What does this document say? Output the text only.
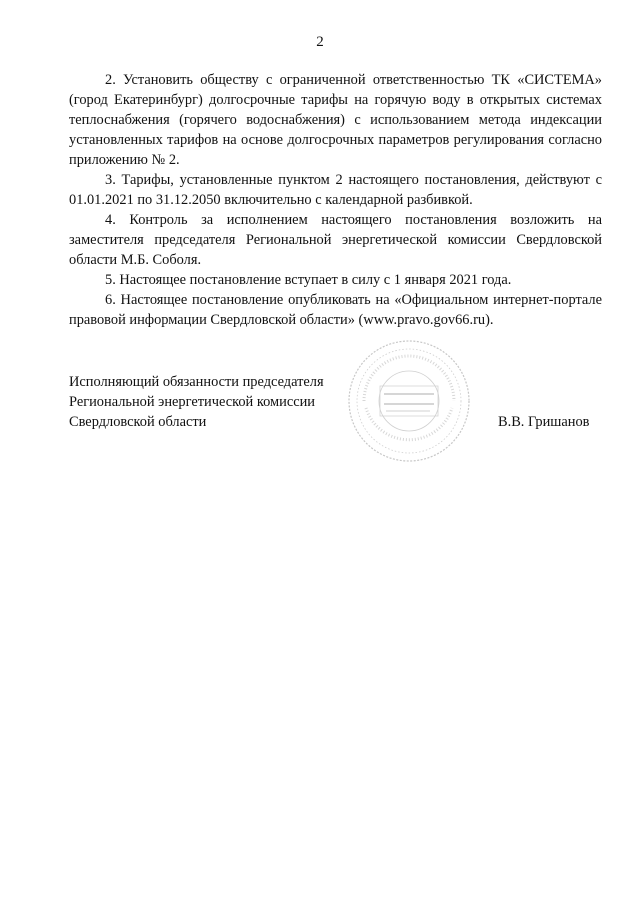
2

2. Установить обществу с ограниченной ответственностью ТК «СИСТЕМА» (город Екатеринбург) долгосрочные тарифы на горячую воду в открытых системах теплоснабжения (горячего водоснабжения) с использованием метода индексации установленных тарифов на основе долгосрочных параметров регулирования согласно приложению № 2.

3. Тарифы, установленные пунктом 2 настоящего постановления, действуют с 01.01.2021 по 31.12.2050 включительно с календарной разбивкой.

4. Контроль за исполнением настоящего постановления возложить на заместителя председателя Региональной энергетической комиссии Свердловской области М.Б. Соболя.

5. Настоящее постановление вступает в силу с 1 января 2021 года.

6. Настоящее постановление опубликовать на «Официальном интернет-портале правовой информации Свердловской области» (www.pravo.gov66.ru).

Исполняющий обязанности председателя
Региональной энергетической комиссии
Свердловской области	В.В. Гришанов
